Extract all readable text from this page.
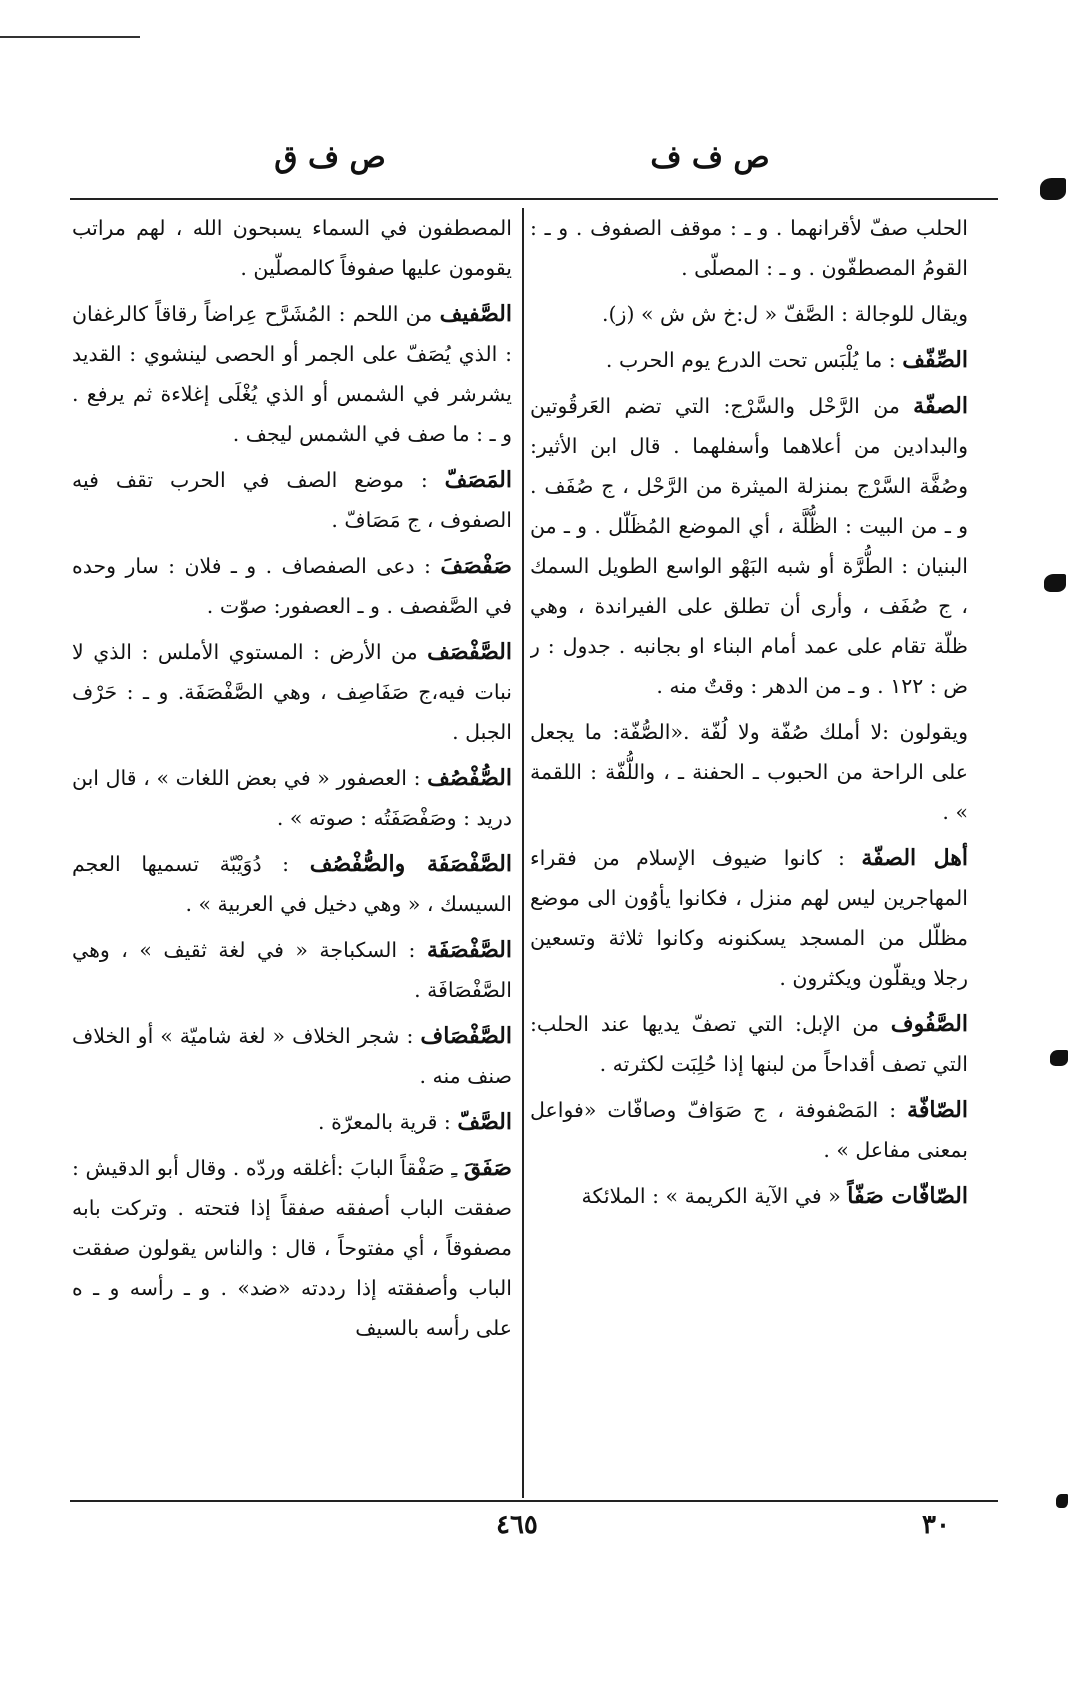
ص ف ف
ص ف ق

الحلب صفّ لأقرانهما . و ـ : موقف الصفوف . و ـ : القومُ المصطفّون . و ـ : المصلّى .

ويقال للوجالة : الصَّفّ « ل:خ ش ش » (ز).

الصِّفّف : ما يُلْبَس تحت الدرع يوم الحرب .

الصفّة من الرَّحْل والسَّرْج: التي تضم العَرقُوتين والبدادين من أعلاهما وأسفلهما . قال ابن الأثير: وصُفَّة السَّرْج بمنزلة الميثرة من الرَّحْل ، ج صُفَف . و ـ من البيت : الظُّلَّة ، أي الموضع المُظَلّل . و ـ من البنيان : الطُّرَّة أو شبه البَهْو الواسع الطويل السمك ، ج صُفَف ، وأرى أن تطلق على الفيراندة ، وهي ظلّة تقام على عمد أمام البناء او بجانبه . جدول : ر ض : ١٢٢ . و ـ من الدهر : وقتٌ منه .

ويقولون :لا أملك صُفّة ولا لُفّة .«الصُّفّة: ما يجعل على الراحة من الحبوب ـ الحفنة ـ ، واللُّفّة : اللقمة » .

أهل الصفّة : كانوا ضيوف الإسلام من فقراء المهاجرين ليس لهم منزل ، فكانوا يأوُون الى موضع مظلّل من المسجد يسكنونه وكانوا ثلاثة وتسعين رجلا ويقلّون ويكثرون .

الصَّفُوف من الإبل: التي تصفّ يديها عند الحلب: التي تصف أقداحاً من لبنها إذا حُلِبَت لكثرته .

الصّافّة : المَصْفوفة ، ج صَوَافّ وصافّات «فواعل بمعنى مفاعل » .

الصّافّات صَفّاً « في الآية الكريمة » : الملائكة

المصطفون في السماء يسبحون الله ، لهم مراتب يقومون عليها صفوفاً كالمصلّين .

الصَّفيف من اللحم : المُشَرَّح عِراضاً رقاقاً كالرغفان : الذي يُصَفّ على الجمر أو الحصى لينشوي : القديد يشرشر في الشمس أو الذي يُغْلَى إغلاءة ثم يرفع . و ـ : ما صف في الشمس ليجف .

المَصَفّ : موضع الصف في الحرب تقف فيه الصفوف ، ج مَصَافّ .

صَفْصَفَ : دعى الصفصاف . و ـ فلان : سار وحده في الصَّفصف . و ـ العصفور: صوّت .

الصَّفْصَف من الأرض : المستوي الأملس : الذي لا نبات فيه،ج صَفَاصِف ، وهي الصَّفْصَفَة. و ـ : حَرْف الجبل .

الصُّفْصُف : العصفور « في بعض اللغات » ، قال ابن دريد : وصَفْصَفَتُه : صوته » .

الصَّفْصَفَة والصُّفْصُف : دُوَيْبّة تسميها العجم السيسك ، « وهي دخيل في العربية » .

الصَّفْصَفَة : السكباجة « في لغة ثقيف » ، وهي الصَّفْصَافَة .

الصَّفْصَاف : شجر الخلاف « لغة شاميّة » أو الخلاف صنف منه .

الصَّفّ : قرية بالمعرّة .

صَفَقَ ـِ صَفْقاً البابَ :أغلقه وردّه . وقال أبو الدقيش : صفقت الباب أصفقه صفقاً إذا فتحته . وتركت بابه مصفوقاً ، أي مفتوحاً ، قال : والناس يقولون صفقت الباب وأصفقته إذا رددته «ضد» . و ـ رأسه و ـ ه على رأسه بالسيف

٣٠
٤٦٥
